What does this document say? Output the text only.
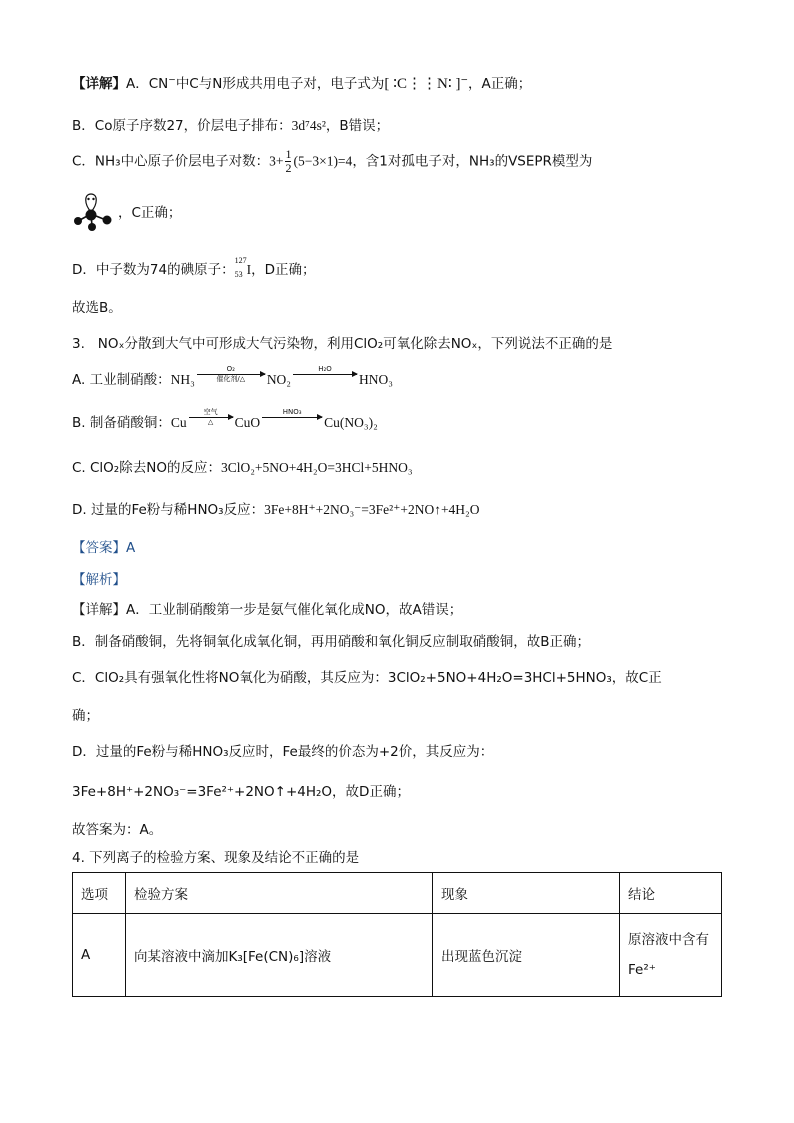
【详解】A．CN−中C与N形成共用电子对，电子式为[ ∶C⋮⋮N∶ ]−，A正确；
B．Co原子序数27，价层电子排布：3d⁷4s²，B错误；
C．NH₃中心原子价层电子对数：$3+ \frac{1}{2} (5-3\times 1)=4$，含1对孤电子对，NH₃的VSEPR模型为
，C正确；
D．中子数为74的碘原子：
127
53 I，D正确；
故选B。
3. NOₓ分散到大气中可形成大气污染物，利用ClO₂可氧化除去NOₓ，下列说法不正确的是
A. 工业制硝酸：NH₃
O₂
催化剂/△	NO₂
H₂O

HNO₃
B. 制备硝酸铜：Cu
空气
△	CuO
HNO₃

Cu(NO₃)₂
C. ClO₂除去NO的反应：3ClO₂+5NO+4H₂O=3HCl+5HNO₃
D. 过量的Fe粉与稀HNO₃反应：3Fe+8H⁺+2NO₃⁻=3Fe²⁺+2NO↑+4H₂O
【答案】A
【解析】
【详解】A．工业制硝酸第一步是氨气催化氧化成NO，故A错误；
B．制备硝酸铜，先将铜氧化成氧化铜，再用硝酸和氧化铜反应制取硝酸铜，故B正确；
C．ClO₂具有强氧化性将NO氧化为硝酸，其反应为：3ClO₂+5NO+4H₂O=3HCl+5HNO₃，故C正
确；
D．过量的Fe粉与稀HNO₃反应时，Fe最终的价态为+2价，其反应为：
3Fe+8H⁺+2NO₃⁻=3Fe²⁺+2NO↑+4H₂O，故D正确；
故答案为：A。
4. 下列离子的检验方案、现象及结论不正确的是
选项	检验方案	现象	结论
A	向某溶液中滴加K₃[Fe(CN)₆]溶液	出现蓝色沉淀	原溶液中含有Fe²⁺
